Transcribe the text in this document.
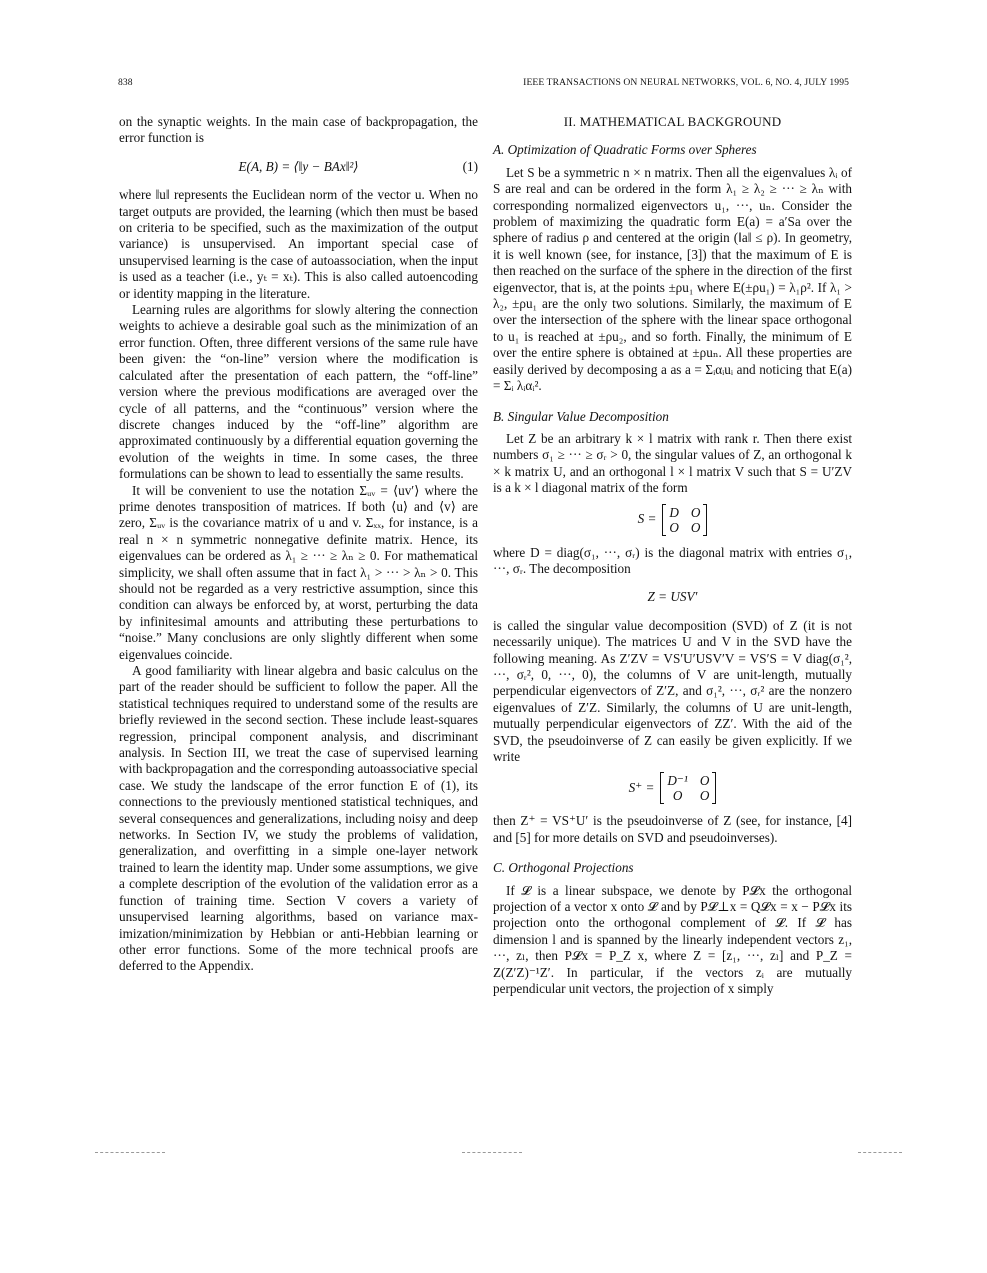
838	IEEE TRANSACTIONS ON NEURAL NETWORKS, VOL. 6, NO. 4, JULY 1995

on the synaptic weights. In the main case of backpropagation, the error function is

E(A, B) = ⟨‖y − BAx‖²⟩	(1)

where ‖u‖ represents the Euclidean norm of the vector u. When no target outputs are provided, the learning (which then must be based on criteria to be specified, such as the maximization of the output variance) is unsupervised. An important special case of unsupervised learning is the case of autoassociation, when the input is used as a teacher (i.e., yₜ = xₜ). This is also called autoencoding or identity mapping in the literature.

Learning rules are algorithms for slowly altering the connection weights to achieve a desirable goal such as the minimization of an error function. Often, three different versions of the same rule have been given: the “on-line” version where the modification is calculated after the presentation of each pattern, the “off-line” version where the previous modifications are averaged over the cycle of all patterns, and the “continuous” version where the discrete changes induced by the “off-line” algorithm are approximated continuously by a differential equation governing the evolution of the weights in time. In some cases, the three formulations can be shown to lead to essentially the same results.

It will be convenient to use the notation Σᵤᵥ = ⟨uv′⟩ where the prime denotes transposition of matrices. If both ⟨u⟩ and ⟨v⟩ are zero, Σᵤᵥ is the covariance matrix of u and v. Σₓₓ, for instance, is a real n × n symmetric nonnegative definite matrix. Hence, its eigenvalues can be ordered as λ₁ ≥ ··· ≥ λₙ ≥ 0. For mathematical simplicity, we shall often assume that in fact λ₁ > ··· > λₙ > 0. This should not be regarded as a very restrictive assumption, since this condition can always be enforced by, at worst, perturbing the data by infinitesimal amounts and attributing these perturbations to “noise.” Many conclusions are only slightly different when some eigenvalues coincide.

A good familiarity with linear algebra and basic calculus on the part of the reader should be sufficient to follow the paper. All the statistical techniques required to understand some of the results are briefly reviewed in the second section. These include least-squares regression, principal component analysis, and discriminant analysis. In Section III, we treat the case of supervised learning with backpropagation and the corresponding autoassociative special case. We study the landscape of the error function E of (1), its connections to the previously mentioned statistical techniques, and several consequences and generalizations, including noisy and deep networks. In Section IV, we study the problems of validation, generalization, and overfitting in a simple one-layer network trained to learn the identity map. Under some assumptions, we give a complete description of the evolution of the validation error as a function of training time. Section V covers a variety of unsupervised learning algorithms, based on variance maximization/minimization by Hebbian or anti-Hebbian learning or other error functions. Some of the more technical proofs are deferred to the Appendix.

II. MATHEMATICAL BACKGROUND
A. Optimization of Quadratic Forms over Spheres

Let S be a symmetric n × n matrix. Then all the eigenvalues λᵢ of S are real and can be ordered in the form λ₁ ≥ λ₂ ≥ ··· ≥ λₙ with corresponding normalized eigenvectors u₁, ···, uₙ. Consider the problem of maximizing the quadratic form E(a) = a′Sa over the sphere of radius ρ and centered at the origin (‖a‖ ≤ ρ). In geometry, it is well known (see, for instance, [3]) that the maximum of E is then reached on the surface of the sphere in the direction of the first eigenvector, that is, at the points ±ρu₁ where E(±ρu₁) = λ₁ρ². If λ₁ > λ₂, ±ρu₁ are the only two solutions. Similarly, the maximum of E over the intersection of the sphere with the linear space orthogonal to u₁ is reached at ±ρu₂, and so forth. Finally, the minimum of E over the entire sphere is obtained at ±ρuₙ. All these properties are easily derived by decomposing a as a = Σᵢαᵢuᵢ and noticing that E(a) = Σᵢ λᵢαᵢ².

B. Singular Value Decomposition

Let Z be an arbitrary k × l matrix with rank r. Then there exist numbers σ₁ ≥ ··· ≥ σᵣ > 0, the singular values of Z, an orthogonal k × k matrix U, and an orthogonal l × l matrix V such that S = U′ZV is a k × l diagonal matrix of the form

S = D O
O O

where D = diag(σ₁, ···, σᵣ) is the diagonal matrix with entries σ₁, ···, σᵣ. The decomposition

Z = USV′

is called the singular value decomposition (SVD) of Z (it is not necessarily unique). The matrices U and V in the SVD have the following meaning. As Z′ZV = VS′U′USV′V = VS′S = V diag(σ₁², ···, σᵣ², 0, ···, 0), the columns of V are unit-length, mutually perpendicular eigenvectors of Z′Z, and σ₁², ···, σᵣ² are the nonzero eigenvalues of Z′Z. Similarly, the columns of U are unit-length, mutually perpendicular eigenvectors of ZZ′. With the aid of the SVD, the pseudoinverse of Z can easily be given explicitly. If we write

S⁺ = D⁻¹ O
O	O

then Z⁺ = VS⁺U′ is the pseudoinverse of Z (see, for instance, [4] and [5] for more details on SVD and pseudoinverses).

C. Orthogonal Projections

If 𝓛 is a linear subspace, we denote by P𝓛x the orthogonal projection of a vector x onto 𝓛 and by P𝓛⊥x = Q𝓛x = x − P𝓛x its projection onto the orthogonal complement of 𝓛. If 𝓛 has dimension l and is spanned by the linearly independent vectors z₁, ···, zₗ, then P𝓛x = P_Z x, where Z = [z₁, ···, zₗ] and P_Z = Z(Z′Z)⁻¹Z′. In particular, if the vectors zᵢ are mutually perpendicular unit vectors, the projection of x simply
